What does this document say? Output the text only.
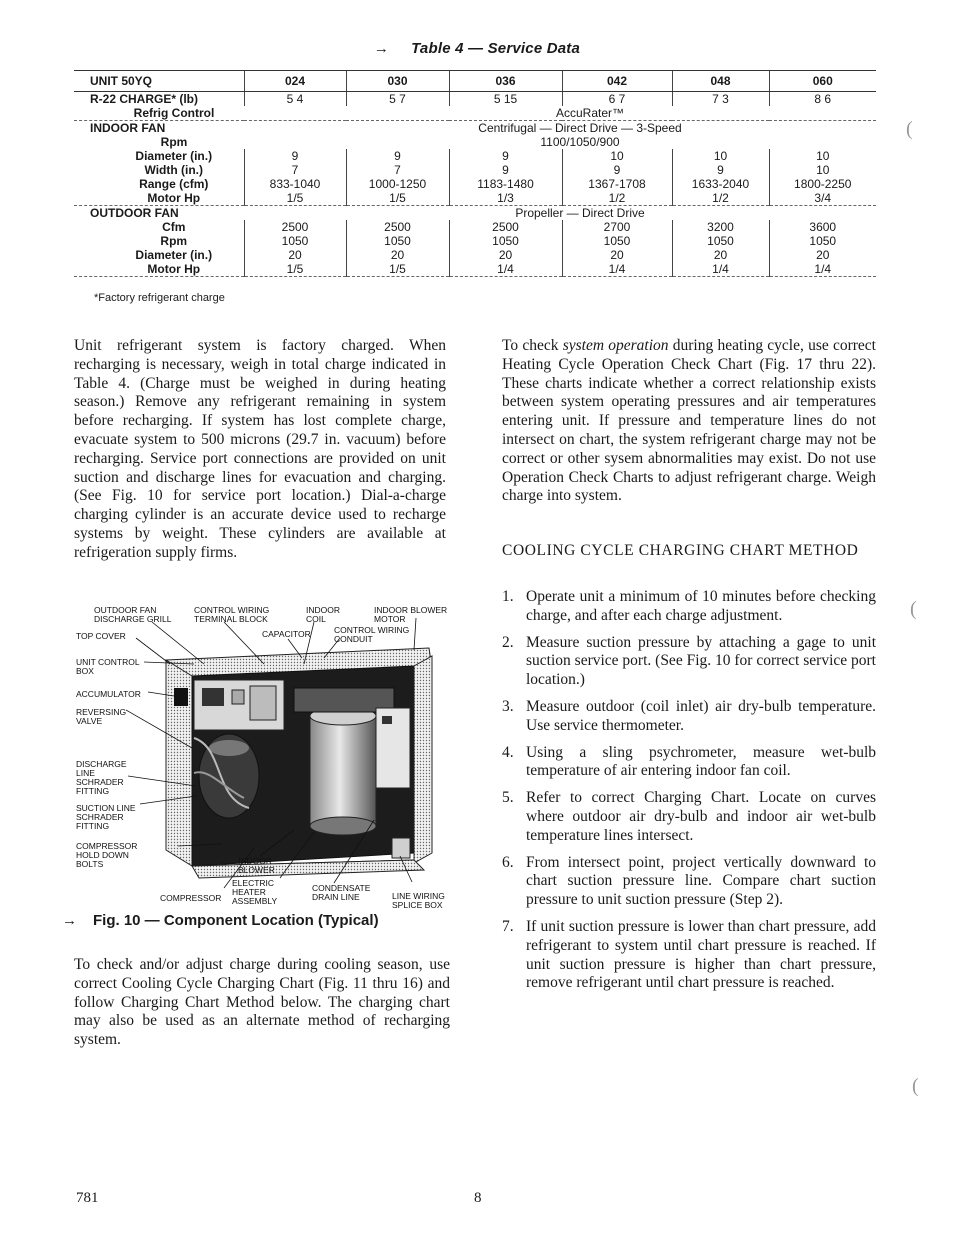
→ Table 4 — Service Data
UNIT 50YQ	024	030	036	042	048	060
R-22 CHARGE* (lb)	5 4	5 7	5 15	6 7	7 3	8 6
Refrig Control	AccuRater™					
INDOOR FAN	Centrifugal — Direct Drive — 3-Speed					
Rpm	1100/1050/900					
Diameter (in.)	9	9	9	10	10	10
Width (in.)	7	7	9	9	9	10
Range (cfm)	833-1040	1000-1250	1183-1480	1367-1708	1633-2040	1800-2250
Motor Hp	1/5	1/5	1/3	1/2	1/2	3/4
OUTDOOR FAN	Propeller — Direct Drive					
Cfm	2500	2500	2500	2700	3200	3600
Rpm	1050	1050	1050	1050	1050	1050
Diameter (in.)	20	20	20	20	20	20
Motor Hp	1/5	1/5	1/4	1/4	1/4	1/4
*Factory refrigerant charge

Unit refrigerant system is factory charged. When recharging is necessary, weigh in total charge indicated in Table 4. (Charge must be weighed in during heating season.) Remove any refrigerant remaining in system before recharging. If system has lost complete charge, evacuate system to 500 microns (29.7 in. vacuum) before recharging. Service port connections are provided on unit suction and discharge lines for evacuation and charging. (See Fig. 10 for service port location.) Dial-a-charge charging cylinder is an accurate device used to recharge systems by weight. These cylinders are available at refrigeration supply firms.

To check system operation during heating cycle, use correct Heating Cycle Operation Check Chart (Fig. 17 thru 22). These charts indicate whether a correct relationship exists between system operating pressures and air temperatures entering unit. If pressure and temperature lines do not intersect on chart, the system refrigerant charge may not be correct or other sysem abnormalities may exist. Do not use Operation Check Charts to adjust refrigerant charge. Weigh charge into system.

COOLING CYCLE CHARGING CHART METHOD
1. Operate unit a minimum of 10 minutes before checking charge, and after each charge adjustment.
2. Measure suction pressure by attaching a gage to unit suction service port. (See Fig. 10 for correct service port location.)
3. Measure outdoor (coil inlet) air dry-bulb temperature. Use service thermometer.
4. Using a sling psychrometer, measure wet-bulb temperature of air entering indoor fan coil.
5. Refer to correct Charging Chart. Locate on curves where outdoor air dry-bulb and indoor air wet-bulb temperature lines intersect.
6. From intersect point, project vertically downward to chart suction pressure line. Compare chart suction pressure to unit suction pressure (Step 2).
7. If unit suction pressure is lower than chart pressure, add refrigerant to system until chart pressure is reached. If unit suction pressure is higher than chart pressure, remove refrigerant until chart pressure is reached.
OUTDOOR FAN
DISCHARGE GRILL
CONTROL WIRING
TERMINAL BLOCK
INDOOR
COIL
INDOOR BLOWER
MOTOR
TOP COVER	CAPACITOR	CONTROL WIRING
CONDUIT
UNIT CONTROL
BOX
ACCUMULATOR
REVERSING
VALVE
DISCHARGE
LINE
SCHRADER
FITTING
SUCTION LINE
SCHRADER
FITTING
COMPRESSOR
HOLD DOWN
BOLTS	INDOOR
BLOWER
COMPRESSOR
ELECTRIC
HEATER
ASSEMBLY
CONDENSATE
DRAIN LINE	LINE WIRING
SPLICE BOX
→ Fig. 10 — Component Location (Typical)

To check and/or adjust charge during cooling season, use correct Cooling Cycle Charging Chart (Fig. 11 thru 16) and follow Charging Chart Method below. The charging chart may also be used as an alternate method of recharging system.

(
(
(
781	8
